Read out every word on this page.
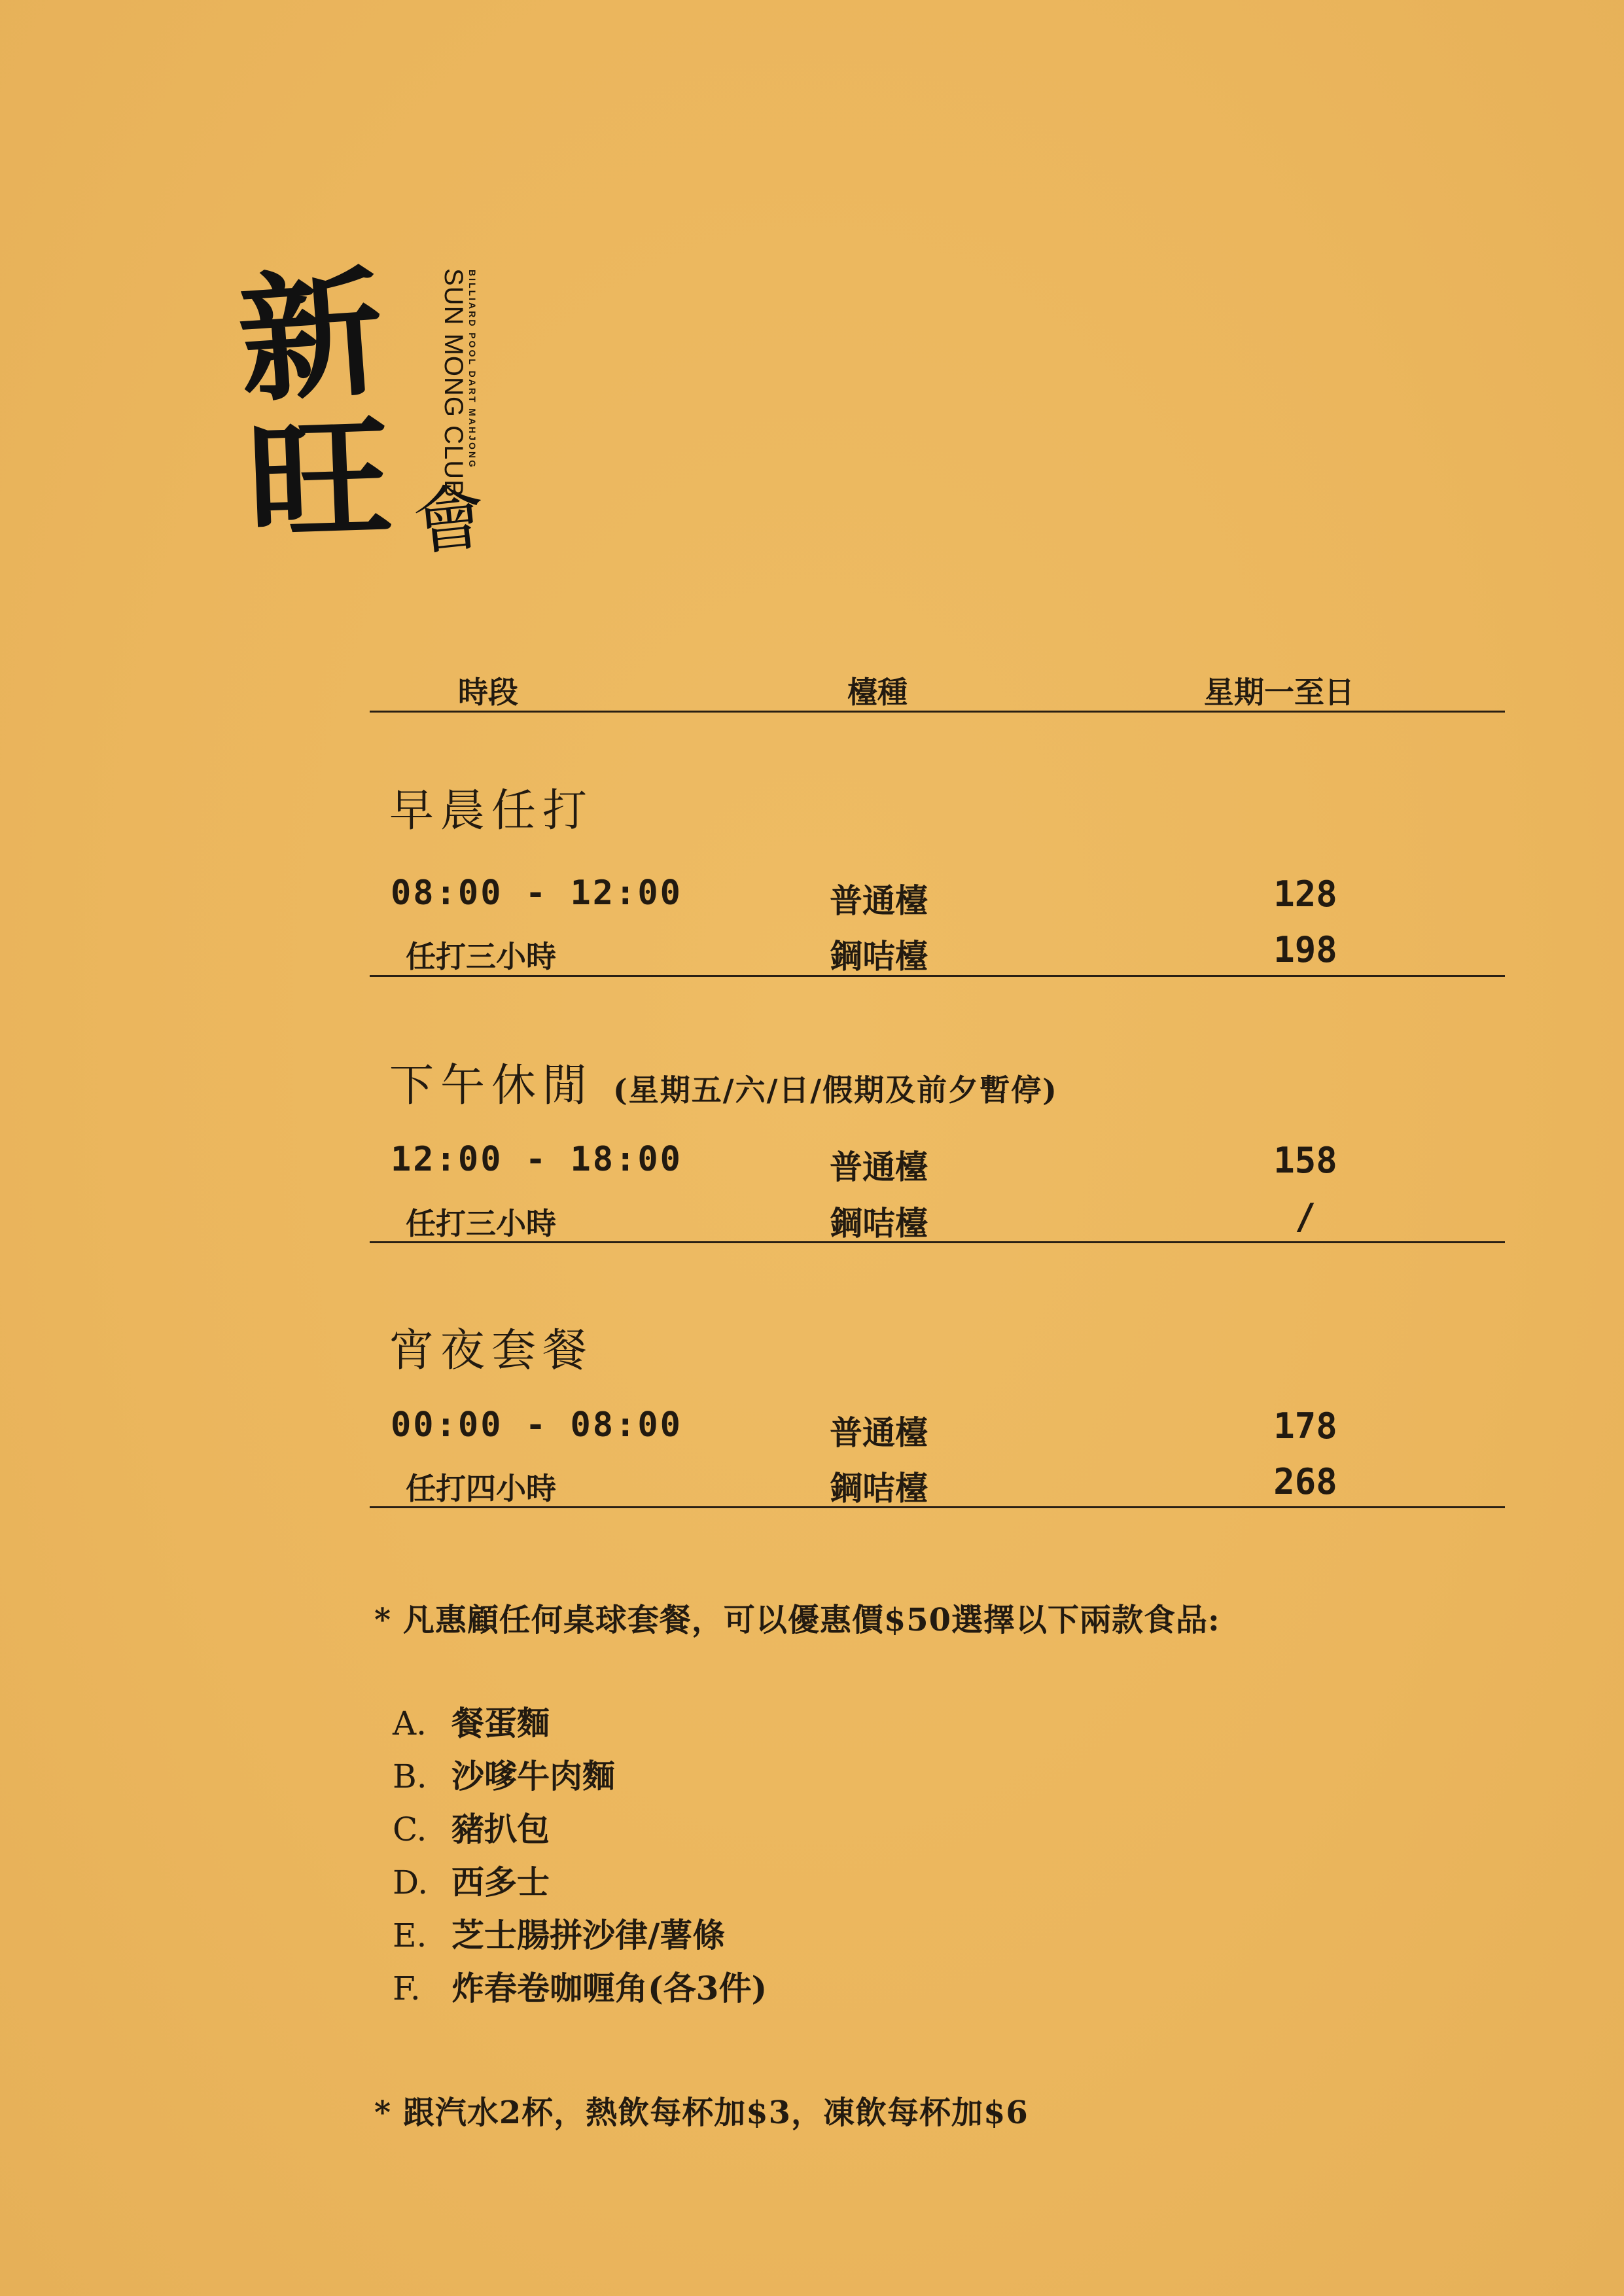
新
旺 會
SUN MONG CLUB BILLIARD POOL DART MAHJONG
時段	檯種	星期一至日
早晨任打
08:00 - 12:00	普通檯	128
任打三小時	鋼咭檯	198
下午休閒 (星期五/六/日/假期及前夕暫停)
12:00 - 18:00	普通檯	158
任打三小時	鋼咭檯	/
宵夜套餐
00:00 - 08:00	普通檯	178
任打四小時	鋼咭檯	268
* 凡惠顧任何桌球套餐，可以優惠價$50選擇以下兩款食品:
A. 餐蛋麵
B. 沙嗲牛肉麵
C. 豬扒包
D. 西多士
E. 芝士腸拼沙律/薯條
F. 炸春卷咖喱角(各3件)
* 跟汽水2杯，熱飲每杯加$3，凍飲每杯加$6
